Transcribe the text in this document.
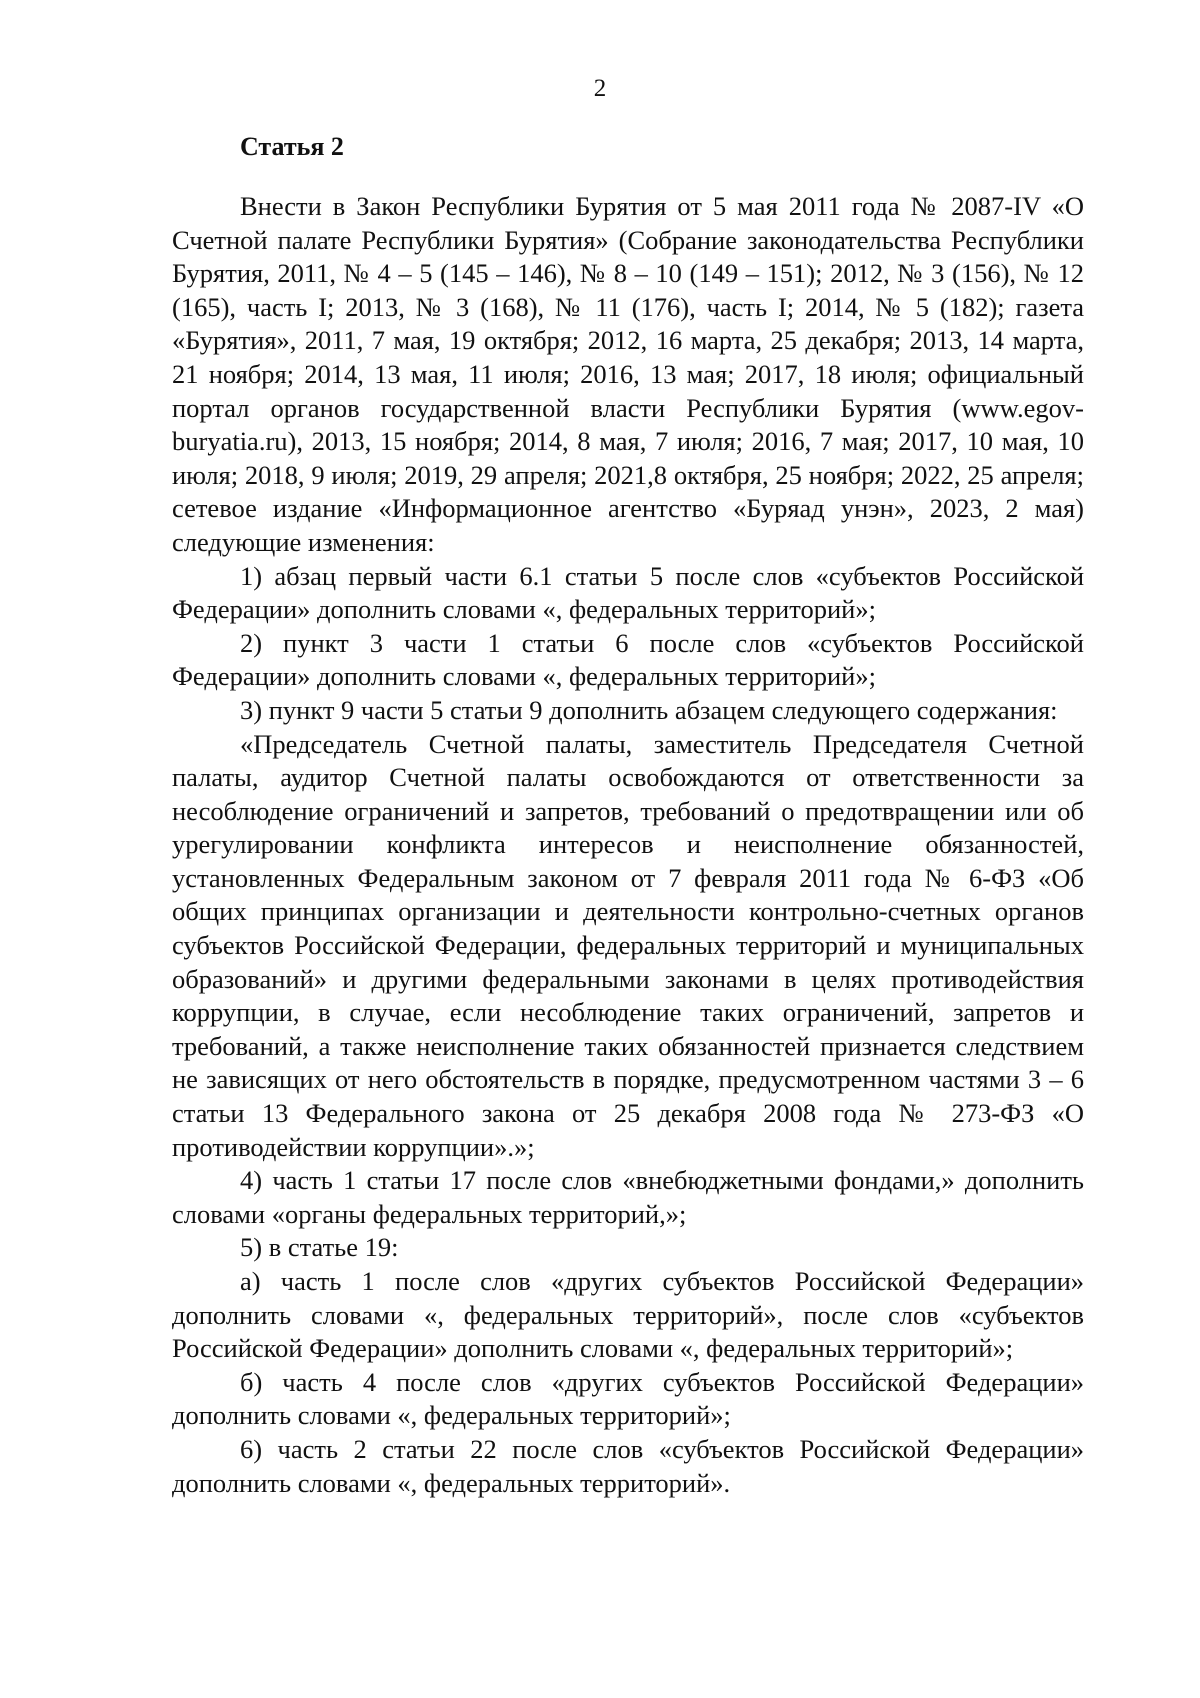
2
Статья 2

Внести в Закон Республики Бурятия от 5 мая 2011 года № 2087-IV «О Счетной палате Республики Бурятия» (Собрание законодательства Республики Бурятия, 2011, № 4 – 5 (145 – 146), № 8 – 10 (149 – 151); 2012, № 3 (156), № 12 (165), часть I; 2013, № 3 (168), № 11 (176), часть I; 2014, № 5 (182); газета «Бурятия», 2011, 7 мая, 19 октября; 2012, 16 марта, 25 декабря; 2013, 14 марта, 21 ноября; 2014, 13 мая, 11 июля; 2016, 13 мая; 2017, 18 июля; официальный портал органов государственной власти Республики Бурятия (www.egov-buryatia.ru), 2013, 15 ноября; 2014, 8 мая, 7 июля; 2016, 7 мая; 2017, 10 мая, 10 июля; 2018, 9 июля; 2019, 29 апреля; 2021,8 октября, 25 ноября; 2022, 25 апреля; сетевое издание «Информационное агентство «Буряад унэн», 2023, 2 мая) следующие изменения:

1) абзац первый части 6.1 статьи 5 после слов «субъектов Российской Федерации» дополнить словами «, федеральных территорий»;

2) пункт 3 части 1 статьи 6 после слов «субъектов Российской Федерации» дополнить словами «, федеральных территорий»;

3) пункт 9 части 5 статьи 9 дополнить абзацем следующего содержания:

«Председатель Счетной палаты, заместитель Председателя Счетной палаты, аудитор Счетной палаты освобождаются от ответственности за несоблюдение ограничений и запретов, требований о предотвращении или об урегулировании конфликта интересов и неисполнение обязанностей, установленных Федеральным законом от 7 февраля 2011 года № 6-ФЗ «Об общих принципах организации и деятельности контрольно-счетных органов субъектов Российской Федерации, федеральных территорий и муниципальных образований» и другими федеральными законами в целях противодействия коррупции, в случае, если несоблюдение таких ограничений, запретов и требований, а также неисполнение таких обязанностей признается следствием не зависящих от него обстоятельств в порядке, предусмотренном частями 3 – 6 статьи 13 Федерального закона от 25 декабря 2008 года № 273-ФЗ «О противодействии коррупции».»;

4) часть 1 статьи 17 после слов «внебюджетными фондами,» дополнить словами «органы федеральных территорий,»;

5) в статье 19:

а) часть 1 после слов «других субъектов Российской Федерации» дополнить словами «, федеральных территорий», после слов «субъектов Российской Федерации» дополнить словами «, федеральных территорий»;

б) часть 4 после слов «других субъектов Российской Федерации» дополнить словами «, федеральных территорий»;

6) часть 2 статьи 22 после слов «субъектов Российской Федерации» дополнить словами «, федеральных территорий».
